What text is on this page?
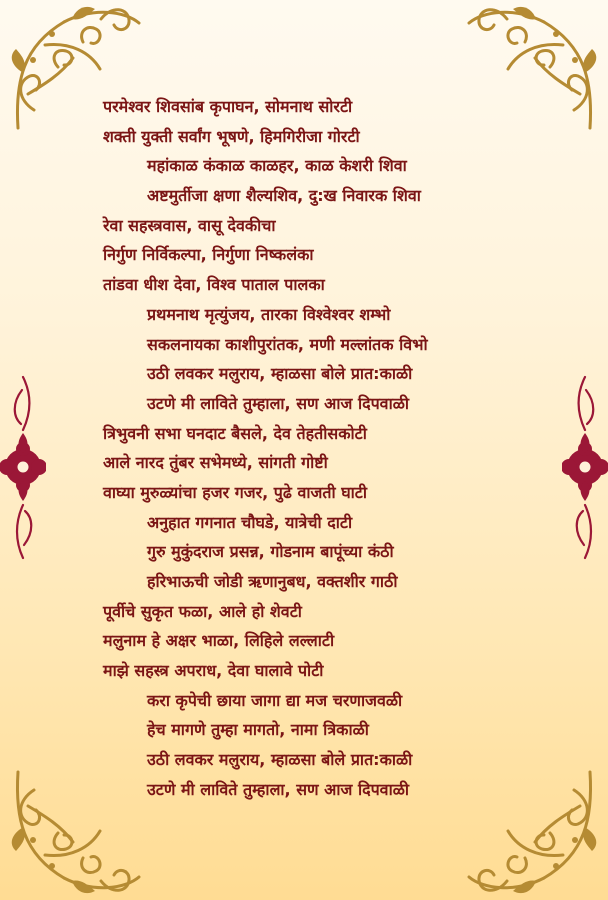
परमेश्वर शिवसांब कृपाघन, सोमनाथ सोरटी
शक्ती युक्ती सर्वांग भूषणे, हिमगिरीजा गोरटी
महांकाळ कंकाळ काळहर, काळ केशरी शिवा
अष्टमुर्तीजा क्षणा शैल्यशिव, दु:ख निवारक शिवा
रेवा सहस्त्रवास, वासू देवकीचा
निर्गुण निर्विकल्पा, निर्गुणा निष्कलंका
तांडवा धीश देवा, विश्व पाताल पालका
प्रथमनाथ मृत्युंजय, तारका विश्वेश्वर शम्भो
सकलनायका काशीपुरांतक, मणी मल्लांतक विभो
उठी लवकर मलुराय, म्हाळसा बोले प्रात:काळी
उटणे मी लाविते तुम्हाला, सण आज दिपवाळी
त्रिभुवनी सभा घनदाट बैसले, देव तेहतीसकोटी
आले नारद तुंबर सभेमध्ये, सांगती गोष्टी
वाघ्या मुरुळ्यांचा हजर गजर, पुढे वाजती घाटी
अनुहात गगनात चौघडे, यात्रेची दाटी
गुरु मुकुंदराज प्रसन्न, गोडनाम बापूंच्या कंठी
हरिभाऊची जोडी ऋणानुबध, वक्तशीर गाठी
पूर्वीचे सुकृत फळा, आले हो शेवटी
मलुनाम हे अक्षर भाळा, लिहिले लल्लाटी
माझे सहस्त्र अपराध, देवा घालावे पोटी
करा कृपेची छाया जागा द्या मज चरणाजवळी
हेच मागणे तुम्हा मागतो, नामा त्रिकाळी
उठी लवकर मलुराय, म्हाळसा बोले प्रात:काळी
उटणे मी लाविते तुम्हाला, सण आज दिपवाळी
